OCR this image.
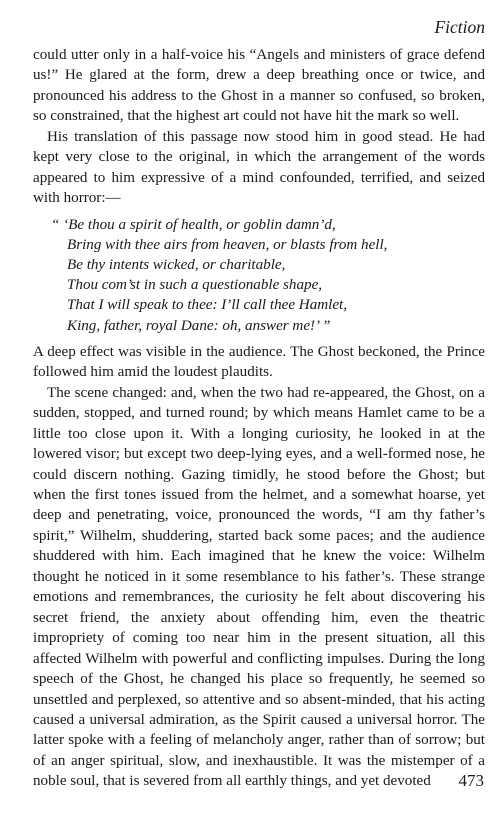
Fiction

could utter only in a half-voice his “Angels and ministers of grace defend us!” He glared at the form, drew a deep breathing once or twice, and pronounced his address to the Ghost in a manner so confused, so broken, so constrained, that the highest art could not have hit the mark so well.

His translation of this passage now stood him in good stead. He had kept very close to the original, in which the arrangement of the words appeared to him expressive of a mind confounded, terrified, and seized with horror:—

“ ‘Be thou a spirit of health, or goblin damn’d,
Bring with thee airs from heaven, or blasts from hell,
Be thy intents wicked, or charitable,
Thou com’st in such a questionable shape,
That I will speak to thee: I’ll call thee Hamlet,
King, father, royal Dane: oh, answer me!’ ”

A deep effect was visible in the audience. The Ghost beckoned, the Prince followed him amid the loudest plaudits.

The scene changed: and, when the two had re-appeared, the Ghost, on a sudden, stopped, and turned round; by which means Hamlet came to be a little too close upon it. With a longing curiosity, he looked in at the lowered visor; but except two deep-lying eyes, and a well-formed nose, he could discern nothing. Gazing timidly, he stood before the Ghost; but when the first tones issued from the helmet, and a somewhat hoarse, yet deep and penetrating, voice, pronounced the words, “I am thy father’s spirit,” Wilhelm, shuddering, started back some paces; and the audience shuddered with him. Each imagined that he knew the voice: Wilhelm thought he noticed in it some resemblance to his father’s. These strange emotions and remembrances, the curiosity he felt about discovering his secret friend, the anxiety about offending him, even the theatric impropriety of coming too near him in the present situation, all this affected Wilhelm with powerful and conflicting impulses. During the long speech of the Ghost, he changed his place so frequently, he seemed so unsettled and perplexed, so attentive and so absent-minded, that his acting caused a universal admiration, as the Spirit caused a universal horror. The latter spoke with a feeling of melancholy anger, rather than of sorrow; but of an anger spiritual, slow, and inexhaustible. It was the mistemper of a noble soul, that is severed from all earthly things, and yet devoted	473
